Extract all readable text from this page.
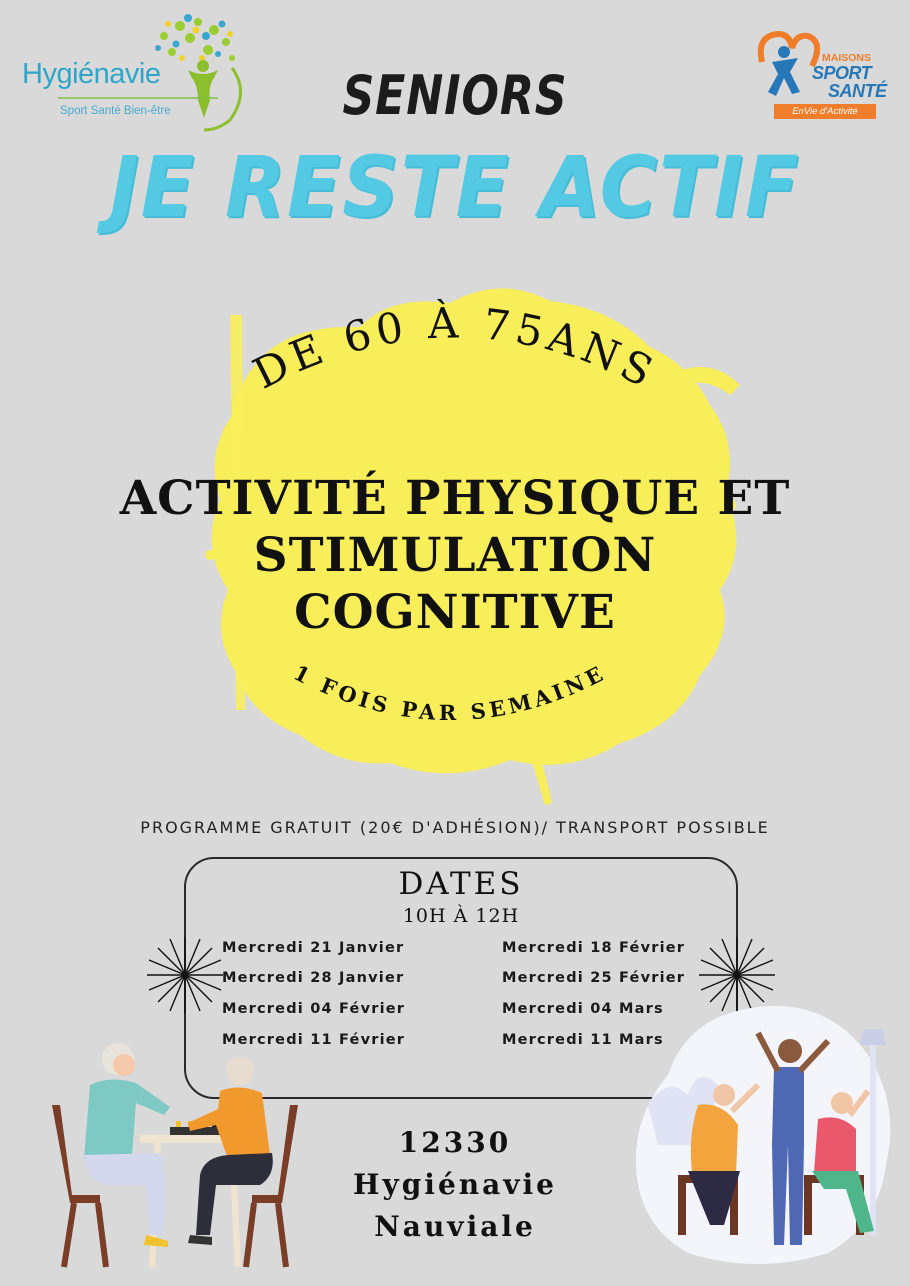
Hygiénavie
Sport Santé Bien-être
MAISONS
SPORT
SANTÉ
EnVie d'Activité
SENIORS
JE RESTE ACTIF
DE 60 À 75ANS
1 FOIS PAR SEMAINE
ACTIVITÉ PHYSIQUE ET
STIMULATION
COGNITIVE
PROGRAMME GRATUIT (20€ D'ADHÉSION)/ TRANSPORT POSSIBLE
DATES
10H À 12H
Mercredi 21 Janvier
Mercredi 28 Janvier
Mercredi 04 Février
Mercredi 11 Février
Mercredi 18 Février
Mercredi 25 Février
Mercredi 04 Mars
Mercredi 11 Mars
12330
Hygiénavie
Nauviale
